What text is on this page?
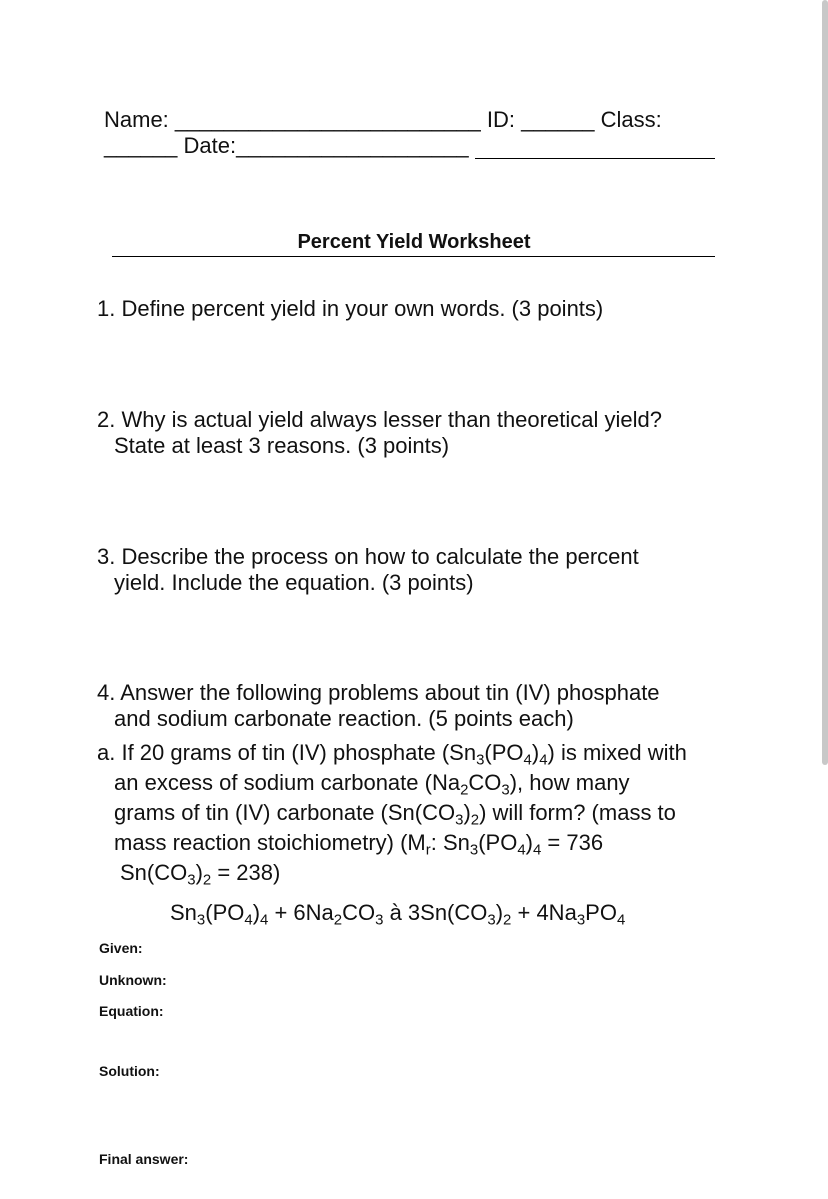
Name: _________________________ ID: ______ Class:
______ Date:___________________
Percent Yield Worksheet
1. Define percent yield in your own words. (3 points)
2. Why is actual yield always lesser than theoretical yield?
State at least 3 reasons. (3 points)
3. Describe the process on how to calculate the percent
yield. Include the equation. (3 points)
4. Answer the following problems about tin (IV) phosphate
and sodium carbonate reaction. (5 points each)
a. If 20 grams of tin (IV) phosphate $(Sn_3(PO_4)_4)$ is mixed with
an excess of sodium carbonate $(Na_2CO_3)$, how many
grams of tin (IV) carbonate $(Sn(CO_3)_2)$ will form? (mass to
mass reaction stoichiometry) ($M_r$: $Sn_3(PO_4)_4 = 736$
$Sn(CO_3)_2 = 238$)
$Sn_3(PO_4)_4 + 6Na_2CO_3$ à $3Sn(CO_3)_2 + 4Na_3PO_4$
Given:
Unknown:
Equation:
Solution:
Final answer:
